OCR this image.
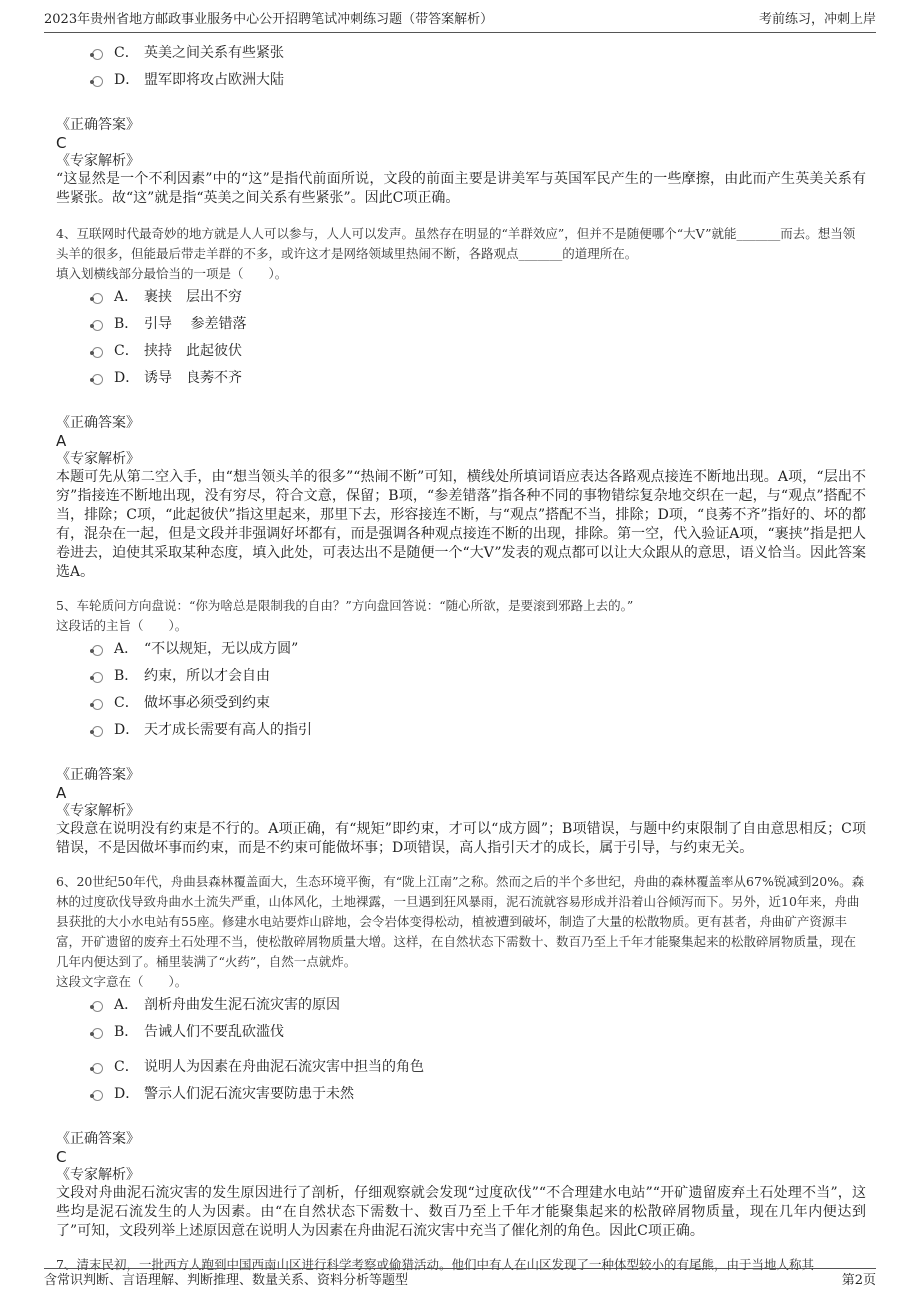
2023年贵州省地方邮政事业服务中心公开招聘笔试冲刺练习题（带答案解析）	考前练习，冲刺上岸
C． 英美之间关系有些紧张
D． 盟军即将攻占欧洲大陆
《正确答案》
C
《专家解析》
“这显然是一个不利因素”中的“这”是指代前面所说，文段的前面主要是讲美军与英国军民产生的一些摩擦，由此而产生英美关系有些紧张。故“这”就是指“英美之间关系有些紧张”。因此C项正确。
4、互联网时代最奇妙的地方就是人人可以参与，人人可以发声。虽然存在明显的“羊群效应”，但并不是随便哪个“大V”就能_______而去。想当领头羊的很多，但能最后带走羊群的不多，或许这才是网络领域里热闹不断，各路观点_______的道理所在。
填入划横线部分最恰当的一项是（　　）。
A． 裹挟　层出不穷
B． 引导　 参差错落
C． 挟持　此起彼伏
D． 诱导　良莠不齐
《正确答案》
A
《专家解析》
本题可先从第二空入手，由“想当领头羊的很多”“热闹不断”可知，横线处所填词语应表达各路观点接连不断地出现。A项，“层出不穷”指接连不断地出现，没有穷尽，符合文意，保留；B项，“参差错落”指各种不同的事物错综复杂地交织在一起，与“观点”搭配不当，排除；C项，“此起彼伏”指这里起来，那里下去，形容接连不断，与“观点”搭配不当，排除；D项，“良莠不齐”指好的、坏的都有，混杂在一起，但是文段并非强调好坏都有，而是强调各种观点接连不断的出现，排除。第一空，代入验证A项，“裹挟”指是把人卷进去，迫使其采取某种态度，填入此处，可表达出不是随便一个“大V”发表的观点都可以让大众跟从的意思，语义恰当。因此答案选A。
5、车轮质问方向盘说：“你为啥总是限制我的自由？”方向盘回答说：“随心所欲，是要滚到邪路上去的。”
这段话的主旨（　　）。
A． “不以规矩，无以成方圆”
B． 约束，所以才会自由
C． 做坏事必须受到约束
D． 天才成长需要有高人的指引
《正确答案》
A
《专家解析》
文段意在说明没有约束是不行的。A项正确，有“规矩”即约束，才可以“成方圆”；B项错误，与题中约束限制了自由意思相反；C项错误，不是因做坏事而约束，而是不约束可能做坏事；D项错误，高人指引天才的成长，属于引导，与约束无关。
6、20世纪50年代，舟曲县森林覆盖面大，生态环境平衡，有“陇上江南”之称。然而之后的半个多世纪，舟曲的森林覆盖率从67%锐减到20%。森林的过度砍伐导致舟曲水土流失严重，山体风化，土地裸露，一旦遇到狂风暴雨，泥石流就容易形成并沿着山谷倾泻而下。另外，近10年来，舟曲县获批的大小水电站有55座。修建水电站要炸山辟地，会令岩体变得松动，植被遭到破坏，制造了大量的松散物质。更有甚者，舟曲矿产资源丰富，开矿遗留的废弃土石处理不当，使松散碎屑物质量大增。这样，在自然状态下需数十、数百乃至上千年才能聚集起来的松散碎屑物质量，现在几年内便达到了。桶里装满了“火药”，自然一点就炸。
这段文字意在（　　）。
A． 剖析舟曲发生泥石流灾害的原因
B． 告诫人们不要乱砍滥伐
C． 说明人为因素在舟曲泥石流灾害中担当的角色
D． 警示人们泥石流灾害要防患于未然
《正确答案》
C
《专家解析》
文段对舟曲泥石流灾害的发生原因进行了剖析，仔细观察就会发现“过度砍伐”“不合理建水电站”“开矿遗留废弃土石处理不当”，这些均是泥石流发生的人为因素。由“在自然状态下需数十、数百乃至上千年才能聚集起来的松散碎屑物质量，现在几年内便达到了”可知，文段列举上述原因意在说明人为因素在舟曲泥石流灾害中充当了催化剂的角色。因此C项正确。
7、清末民初，一批西方人跑到中国西南山区进行科学考察或偷猎活动。他们中有人在山区发现了一种体型较小的有尾熊，由于当地人称其
含常识判断、言语理解、判断推理、数量关系、资料分析等题型	第2页
